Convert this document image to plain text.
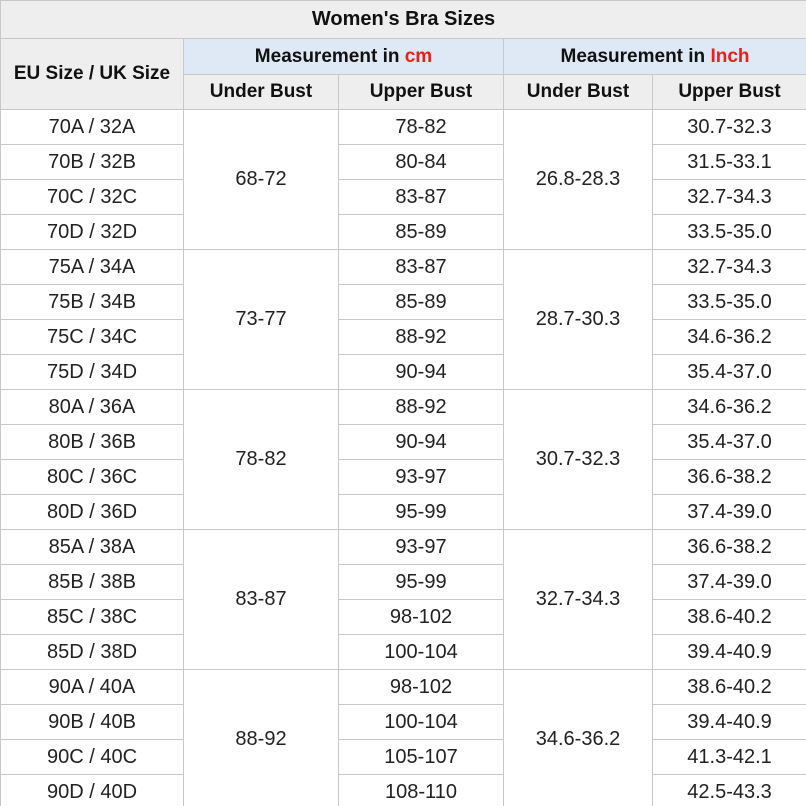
Women's Bra Sizes				
EU Size / UK Size	Measurement in cm		Measurement in Inch	
	Under Bust	Upper Bust	Under Bust	Upper Bust
70A / 32A	68-72	78-82	26.8-28.3	30.7-32.3
70B / 32B		80-84		31.5-33.1
70C / 32C		83-87		32.7-34.3
70D / 32D		85-89		33.5-35.0
75A / 34A	73-77	83-87	28.7-30.3	32.7-34.3
75B / 34B		85-89		33.5-35.0
75C / 34C		88-92		34.6-36.2
75D / 34D		90-94		35.4-37.0
80A / 36A	78-82	88-92	30.7-32.3	34.6-36.2
80B / 36B		90-94		35.4-37.0
80C / 36C		93-97		36.6-38.2
80D / 36D		95-99		37.4-39.0
85A / 38A	83-87	93-97	32.7-34.3	36.6-38.2
85B / 38B		95-99		37.4-39.0
85C / 38C		98-102		38.6-40.2
85D / 38D		100-104		39.4-40.9
90A / 40A	88-92	98-102	34.6-36.2	38.6-40.2
90B / 40B		100-104		39.4-40.9
90C / 40C		105-107		41.3-42.1
90D / 40D		108-110		42.5-43.3
